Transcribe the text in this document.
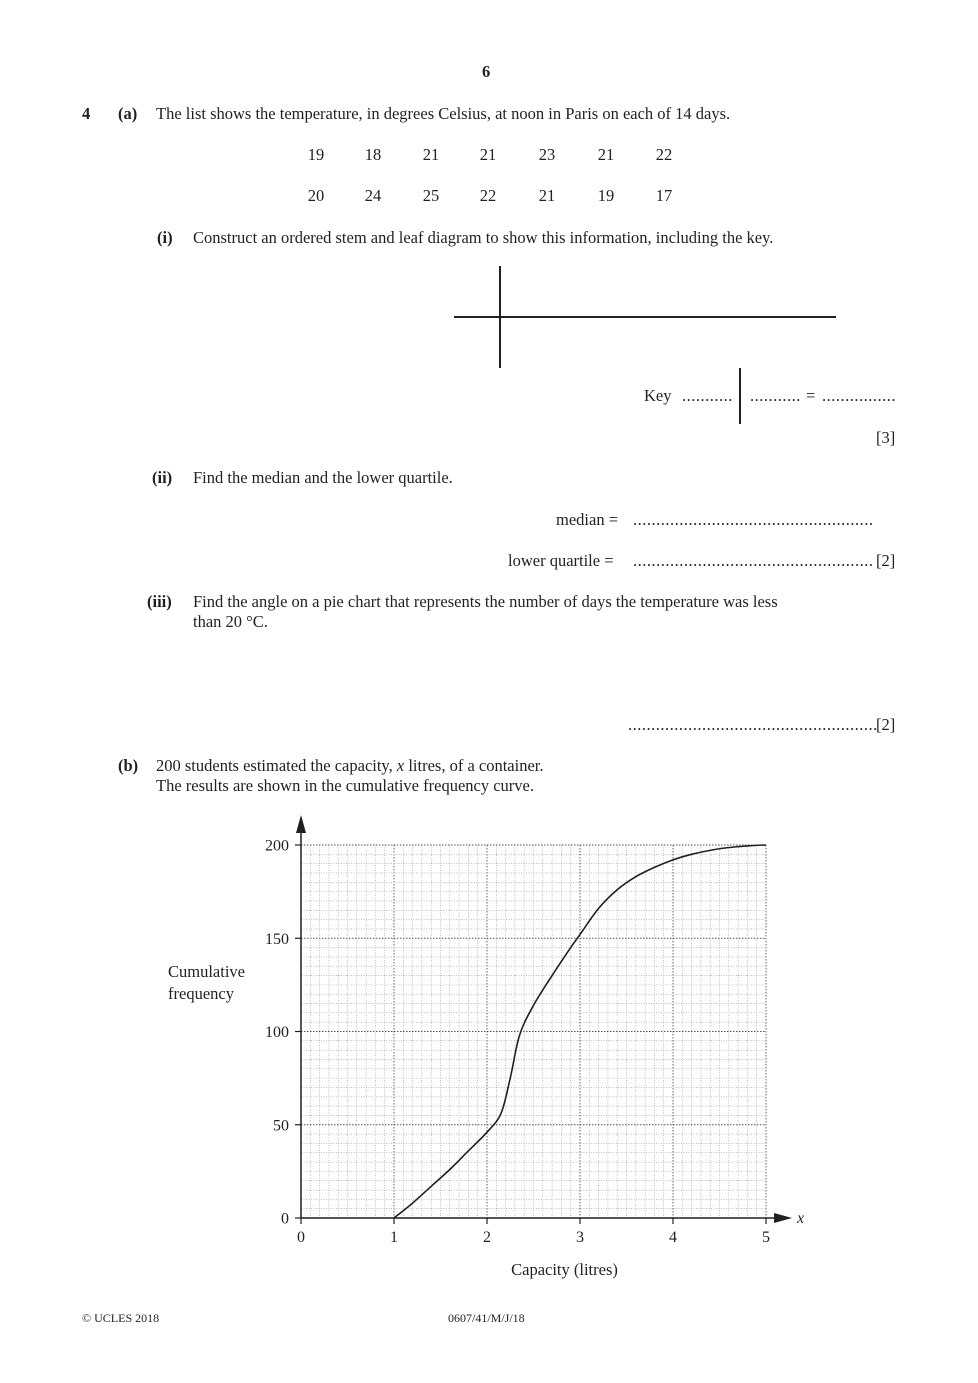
6
4 (a) The list shows the temperature, in degrees Celsius, at noon in Paris on each of 14 days.
19 18	21 21	23	21	22
20 24	25 22	21	19	17
(i) Construct an ordered stem and leaf diagram to show this information, including the key.
Key ........... ........... = ................
[3]
(ii) Find the median and the lower quartile.
median = ....................................................
lower quartile = .................................................... [2]
(iii) Find the angle on a pie chart that represents the number of days the temperature was less
than 20 °C.
......................................................
[2]
(b) 200 students estimated the capacity, x litres, of a container.
The results are shown in the cumulative frequency curve.
Cumulative
frequency
0	1	2	3	4	5
0
50
100
150
200
x
Capacity (litres)
© UCLES 2018	0607/41/M/J/18
